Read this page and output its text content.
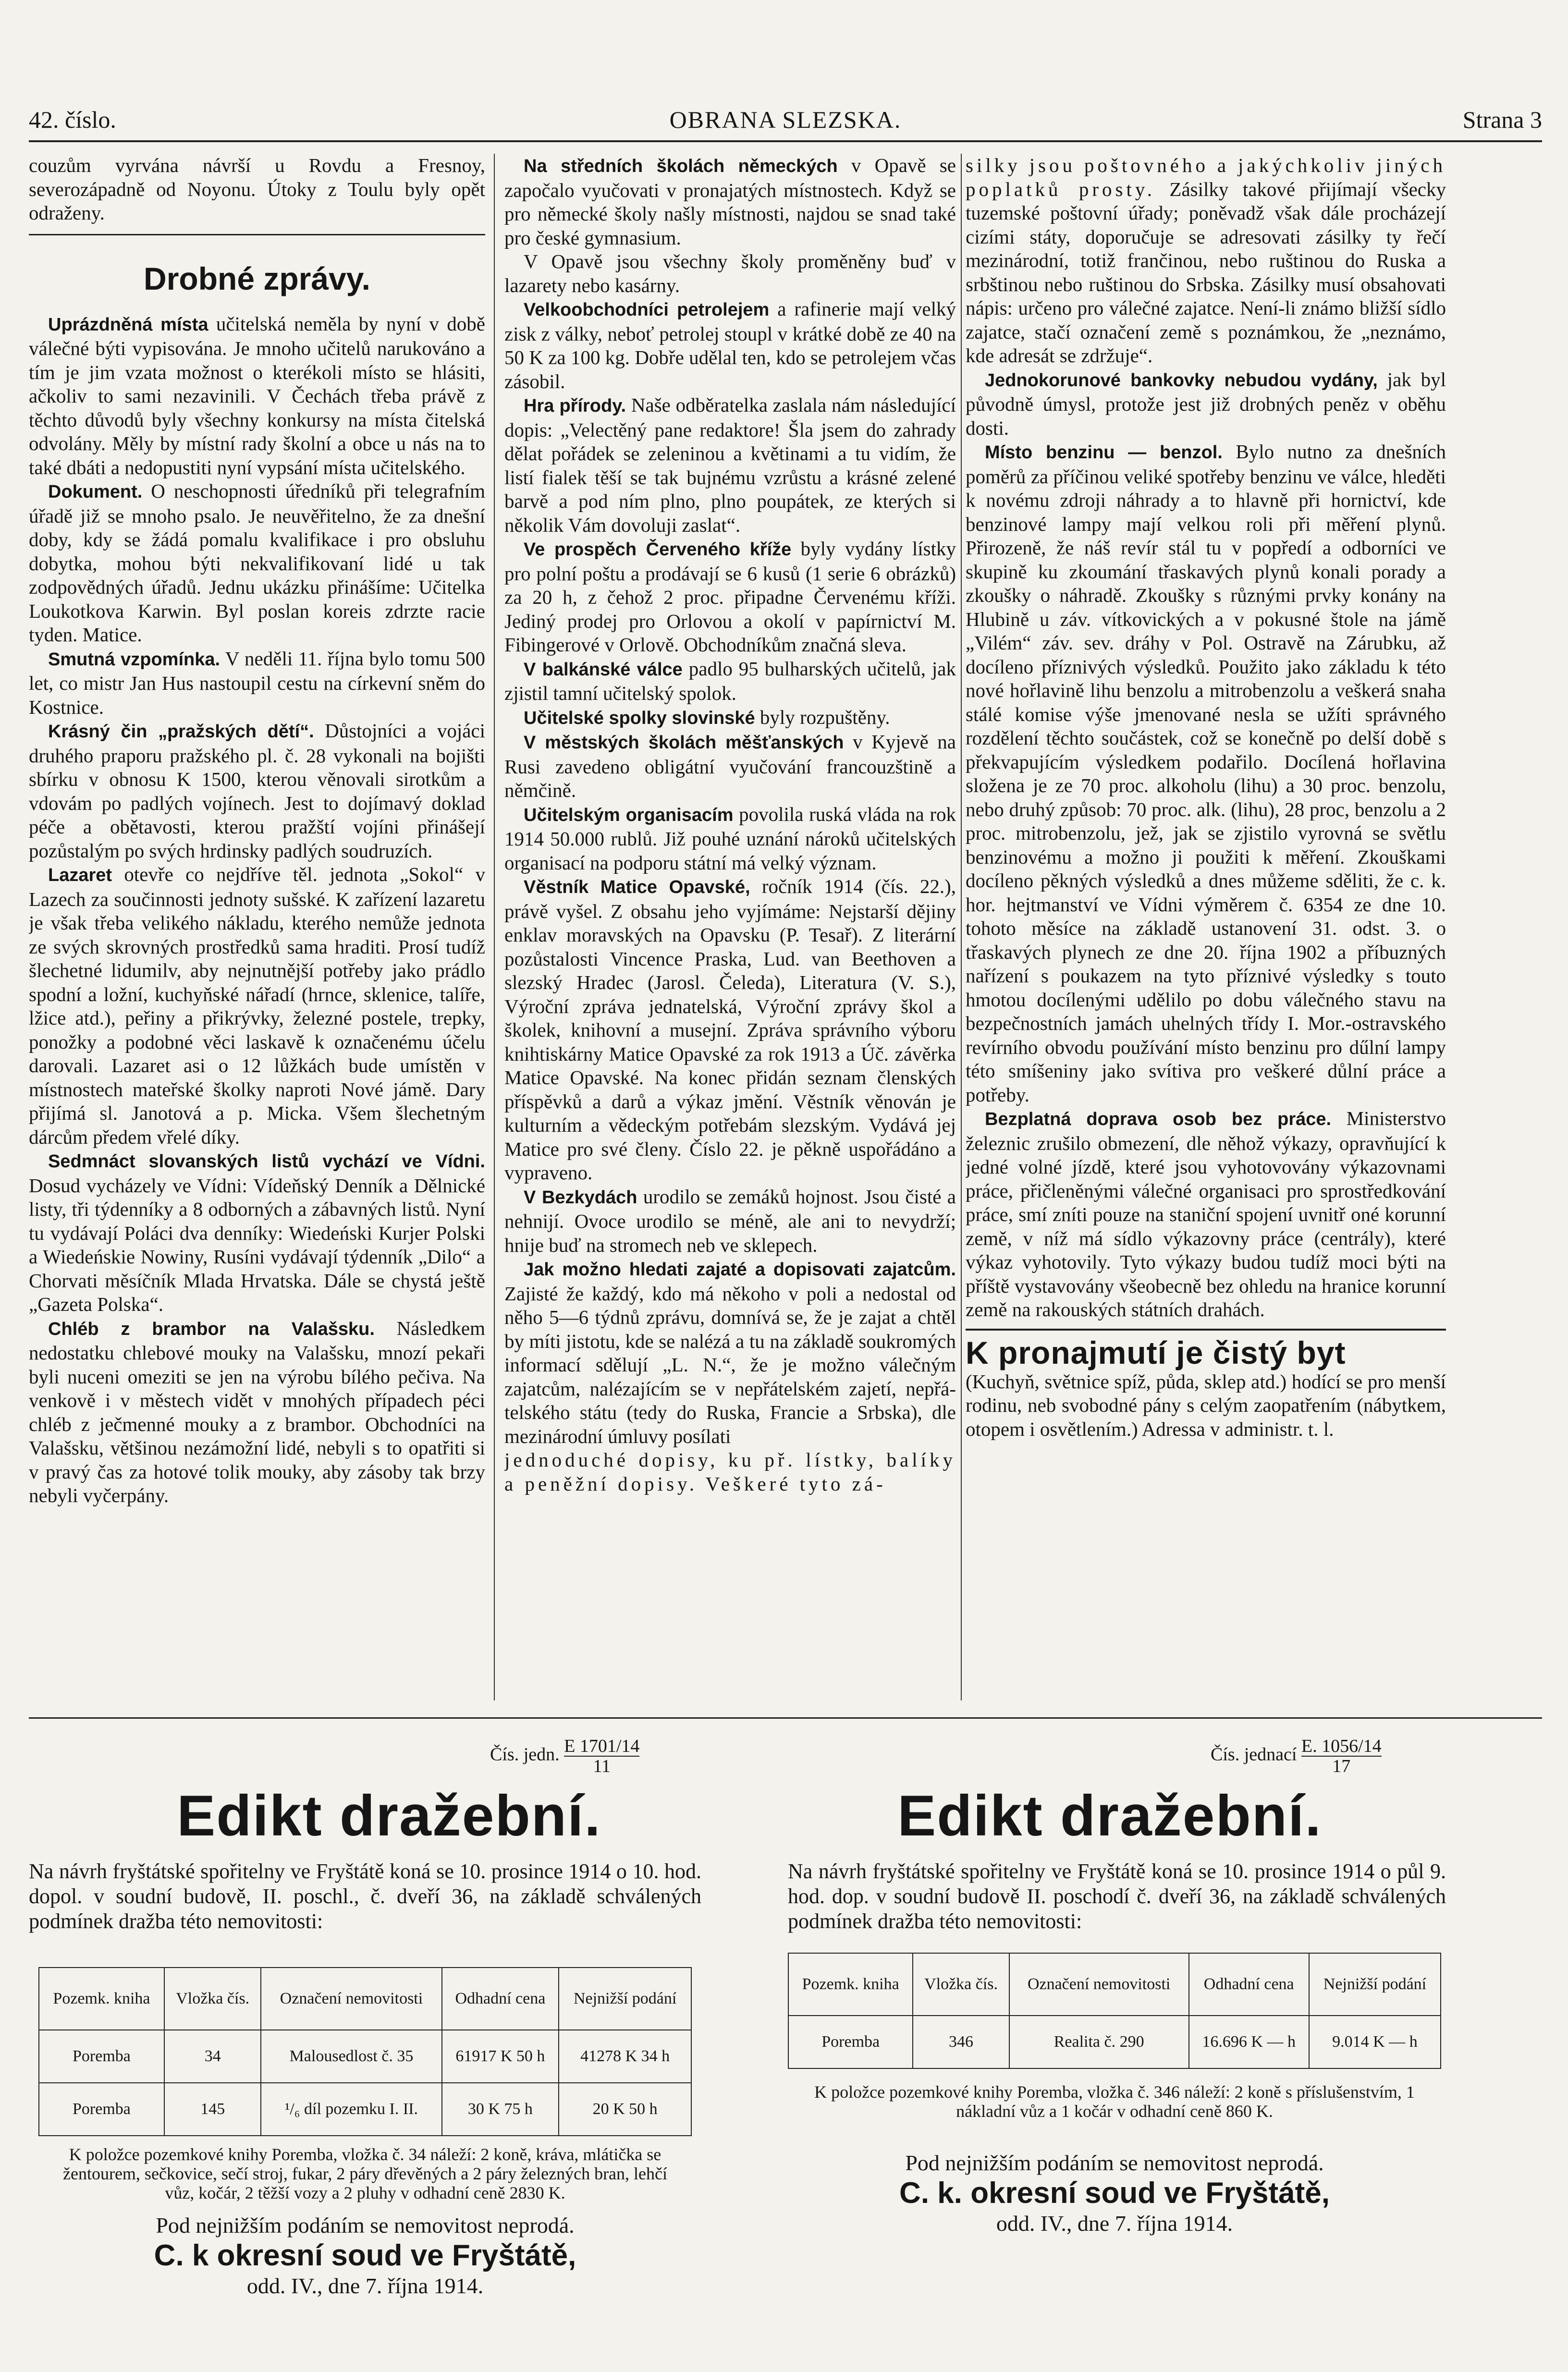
42. číslo.	OBRANA SLEZSKA.	Strana 3

couzům vyrvána návrší u Rovdu a Fresnoy, severozápadně od Noyonu. Útoky z Toulu byly opět odraženy.

Drobné zprávy.

Uprázdněná místa učitelská neměla by nyní v době válečné býti vypisována. Je mnoho učitelů narukováno a tím je jim vzata možnost o kterékoli místo se hlásiti, ačkoliv to sami nezavinili. V Čechách třeba právě z těchto důvodů byly všechny konkursy na místa čitelská odvolány. Měly by místní rady školní a obce u nás na to také dbáti a nedopustiti nyní vypsání místa učitelského.

Dokument. O neschopnosti úředníků při telegrafním úřadě již se mnoho psalo. Je neuvěřitelno, že za dnešní doby, kdy se žádá pomalu kvalifikace i pro obsluhu dobytka, mohou býti nekvalifikovaní lidé u tak zodpovědných úřadů. Jednu ukázku přinášíme: Učitelka Loukotkova Karwin. Byl poslan koreis zdrzte racie tyden. Matice.

Smutná vzpomínka. V neděli 11. října bylo tomu 500 let, co mistr Jan Hus nastoupil cestu na církevní sněm do Kostnice.

Krásný čin „pražských dětí“. Důstojníci a vojáci druhého praporu pražského pl. č. 28 vykonali na bojišti sbírku v obnosu K 1500, kterou věnovali sirotkům a vdovám po padlých vojínech. Jest to dojímavý doklad péče a obětavosti, kterou pražští vojíni přinášejí pozůstalým po svých hrdinsky padlých soudruzích.

Lazaret otevře co nejdříve těl. jednota „Sokol“ v Lazech za součinnosti jednoty sušské. K zařízení lazaretu je však třeba velikého nákladu, kterého nemůže jednota ze svých skrovných prostředků sama hraditi. Prosí tudíž šlechetné lidumilv, aby nejnutnější potřeby jako prádlo spodní a ložní, kuchyňské nářadí (hrnce, sklenice, talíře, lžice atd.), peřiny a přikrývky, železné postele, trepky, ponožky a podobné věci laskavě k označenému účelu darovali. Lazaret asi o 12 lůžkách bude umístěn v místnostech mateřské školky naproti Nové jámě. Dary přijímá sl. Janotová a p. Micka. Všem šlechetným dárcům předem vřelé díky.

Sedmnáct slovanských listů vychází ve Vídni. Dosud vycházely ve Vídni: Vídeňský Denník a Dělnické listy, tři týdenníky a 8 odborných a zábavných listů. Nyní tu vydávají Poláci dva denníky: Wiedeński Kurjer Polski a Wiedeńskie Nowiny, Rusíni vydávají týdenník „Dilo“ a Chorvati měsíčník Mlada Hrvatska. Dále se chystá ještě „Gazeta Polska“.

Chléb z brambor na Valašsku. Následkem nedostatku chlebové mouky na Valašsku, mnozí pekaři byli nuceni omeziti se jen na výrobu bílého pečiva. Na venkově i v městech vidět v mnohých případech péci chléb z ječmenné mouky a z brambor. Obchodníci na Valašsku, většinou nezámožní lidé, nebyli s to opatřiti si v pravý čas za hotové tolik mouky, aby zásoby tak brzy nebyli vyčerpány.

Na středních školách německých v Opavě se započalo vyučovati v pronajatých místnostech. Když se pro německé školy našly místnosti, najdou se snad také pro české gymnasium.

V Opavě jsou všechny školy proměněny buď v lazarety nebo kasárny.

Velkoobchodníci petrolejem a rafinerie mají velký zisk z války, neboť petrolej stoupl v krátké době ze 40 na 50 K za 100 kg. Dobře udělal ten, kdo se petrolejem včas zásobil.

Hra přírody. Naše odběratelka zaslala nám následující dopis: „Velectěný pane redaktore! Šla jsem do zahrady dělat pořádek se zeleninou a květinami a tu vidím, že listí fialek těší se tak bujnému vzrůstu a krásné zelené barvě a pod ním plno, plno poupátek, ze kterých si několik Vám dovoluji zaslat“.

Ve prospěch Červeného kříže byly vydány lístky pro polní poštu a prodávají se 6 kusů (1 serie 6 obrázků) za 20 h, z čehož 2 proc. připadne Červenému kříži. Jediný prodej pro Orlovou a okolí v papírnictví M. Fibingerové v Orlově. Obchodníkům značná sleva.

V balkánské válce padlo 95 bulharských učitelů, jak zjistil tamní učitelský spolok.

Učitelské spolky slovinské byly rozpuštěny.

V městských školách měšťanských v Kyjevě na Rusi zavedeno obligátní vyučování francouzštině a němčině.

Učitelským organisacím povolila ruská vláda na rok 1914 50.000 rublů. Již pouhé uznání nároků učitelských organisací na podporu státní má velký význam.

Věstník Matice Opavské, ročník 1914 (čís. 22.), právě vyšel. Z obsahu jeho vyjímáme: Nejstarší dějiny enklav moravských na Opavsku (P. Tesař). Z literární pozůstalosti Vincence Praska, Lud. van Beethoven a slezský Hradec (Jarosl. Čeleda), Literatura (V. S.), Výroční zpráva jednatelská, Výroční zprávy škol a školek, knihovní a musejní. Zpráva správního výboru knihtiskárny Matice Opavské za rok 1913 a Úč. závěrka Matice Opavské. Na konec přidán seznam členských příspěvků a darů a výkaz jmění. Věstník věnován je kulturním a vědeckým potřebám slezským. Vydává jej Matice pro své členy. Číslo 22. je pěkně uspořádáno a vypraveno.

V Bezkydách urodilo se zemáků hojnost. Jsou čisté a nehnijí. Ovoce urodilo se méně, ale ani to nevydrží; hnije buď na stromech neb ve sklepech.

Jak možno hledati zajaté a dopisovati zajatcům. Zajisté že každý, kdo má někoho v poli a nedostal od něho 5—6 týdnů zprávu, domnívá se, že je zajat a chtěl by míti jistotu, kde se nalézá a tu na základě soukromých informací sdělují „L. N.“, že je možno válečným zajatcům, nalézajícím se v nepřátelském zajetí, nepřá-telského státu (tedy do Ruska, Francie a Srbska), dle mezinárodní úmluvy posílati

jednoduché dopisy, ku př. lístky, balíky a peněžní dopisy. Veškeré tyto zá-

silky jsou poštovného a jakýchkoliv jiných poplatků prosty. Zásilky takové přijímají všecky tuzemské poštovní úřady; poněvadž však dále procházejí cizími státy, doporučuje se adresovati zásilky ty řečí mezinárodní, totiž frančinou, nebo ruštinou do Ruska a srbštinou nebo ruštinou do Srbska. Zásilky musí obsahovati nápis: určeno pro válečné zajatce. Není-li známo bližší sídlo zajatce, stačí označení země s poznámkou, že „neznámo, kde adresát se zdržuje“.

Jednokorunové bankovky nebudou vydány, jak byl původně úmysl, protože jest již drobných peněz v oběhu dosti.

Místo benzinu — benzol. Bylo nutno za dnešních poměrů za příčinou veliké spotřeby benzinu ve válce, hleděti k novému zdroji náhrady a to hlavně při hornictví, kde benzinové lampy mají velkou roli při měření plynů. Přirozeně, že náš revír stál tu v popředí a odborníci ve skupině ku zkoumání třaskavých plynů konali porady a zkoušky o náhradě. Zkoušky s různými prvky konány na Hlubině u záv. vítkovických a v pokusné štole na jámě „Vilém“ záv. sev. dráhy v Pol. Ostravě na Zárubku, až docíleno příznivých výsledků. Použito jako základu k této nové hořlavině lihu benzolu a mitrobenzolu a veškerá snaha stálé komise výše jmenované nesla se užíti správného rozdělení těchto součástek, což se konečně po delší době s překvapujícím výsledkem podařilo. Docílená hořlavina složena je ze 70 proc. alkoholu (lihu) a 30 proc. benzolu, nebo druhý způsob: 70 proc. alk. (lihu), 28 proc, benzolu a 2 proc. mitrobenzolu, jež, jak se zjistilo vyrovná se světlu benzinovému a možno ji použiti k měření. Zkouškami docíleno pěkných výsledků a dnes můžeme sděliti, že c. k. hor. hejtmanství ve Vídni výměrem č. 6354 ze dne 10. tohoto měsíce na základě ustanovení 31. odst. 3. o třaskavých plynech ze dne 20. října 1902 a příbuzných nařízení s poukazem na tyto příznivé výsledky s touto hmotou docílenými udělilo po dobu válečného stavu na bezpečnostních jamách uhelných třídy I. Mor.-ostravského revírního obvodu používání místo benzinu pro dűlní lampy této smíšeniny jako svítiva pro veškeré důlní práce a potřeby.

Bezplatná doprava osob bez práce. Ministerstvo železnic zrušilo obmezení, dle něhož výkazy, opravňující k jedné volné jízdě, které jsou vyhotovovány výkazovnami práce, přičleněnými válečné organisaci pro sprostředkování práce, smí zníti pouze na staniční spojení uvnitř oné korunní země, v níž má sídlo výkazovny práce (centrály), které výkaz vyhotovily. Tyto výkazy budou tudíž moci býti na příště vystavovány všeobecně bez ohledu na hranice korunní země na rakouských státních drahách.

K pronajmutí je čistý byt

(Kuchyň, světnice spíž, půda, sklep atd.) hodící se pro menší rodinu, neb svobodné pány s celým zaopatřením (nábytkem, otopem i osvětlením.) Adressa v administr. t. l.

Čís. jedn. $\frac{E 1701/14}{11}$
Edikt dražební.
Na návrh fryštátské spořitelny ve Fryštátě koná se 10. prosince 1914 o 10. hod. dopol. v soudní budově, II. poschl., č. dveří 36, na základě schválených podmínek dražba této nemovitosti:
Pozemk. kniha	Vložka čís.	Označení nemovitosti	Odhadní cena	Nejnižší podání
Poremba	34	Malousedlost č. 35	61917 K 50 h	41278 K 34 h
Poremba	145	¹/₆ díl pozemku I. II.	30 K 75 h	20 K 50 h
K položce pozemkové knihy Poremba, vložka č. 34 náleží: 2 koně, kráva, mlátička se žentourem, sečkovice, sečí stroj, fukar, 2 páry dřevěných a 2 páry železných bran, lehčí vůz, kočár, 2 těžší vozy a 2 pluhy v odhadní ceně 2830 K.
Pod nejnižším podáním se nemovitost neprodá.
C. k okresní soud ve Fryštátě,
odd. IV., dne 7. října 1914.
Čís. jednací $\frac{E. 1056/14}{17}$
Edikt dražební.
Na návrh fryštátské spořitelny ve Fryštátě koná se 10. prosince 1914 o půl 9. hod. dop. v soudní budově II. poschodí č. dveří 36, na základě schválených podmínek dražba této nemovitosti:
Pozemk. kniha	Vložka čís.	Označení nemovitosti	Odhadní cena	Nejnižší podání
Poremba	346	Realita č. 290	16.696 K — h	9.014 K — h
K položce pozemkové knihy Poremba, vložka č. 346 náleží: 2 koně s příslušenstvím, 1 nákladní vůz a 1 kočár v odhadní ceně 860 K.
Pod nejnižším podáním se nemovitost neprodá.
C. k. okresní soud ve Fryštátě,
odd. IV., dne 7. října 1914.
